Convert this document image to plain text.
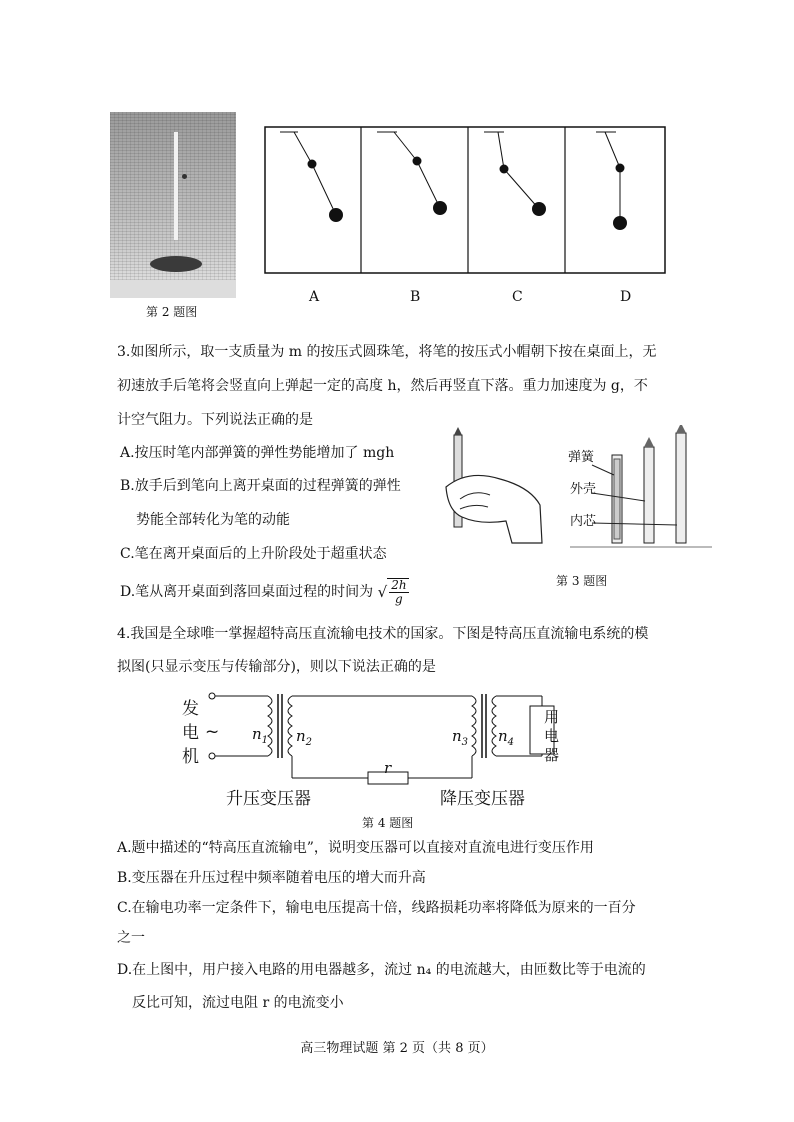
第 2 题图
A	B	C	D
3.如图所示，取一支质量为 m 的按压式圆珠笔，将笔的按压式小帽朝下按在桌面上，无
初速放手后笔将会竖直向上弹起一定的高度 h，然后再竖直下落。重力加速度为 g，不
计空气阻力。下列说法正确的是
A.按压时笔内部弹簧的弹性势能增加了 mgh
B.放手后到笔向上离开桌面的过程弹簧的弹性
势能全部转化为笔的动能
C.笔在离开桌面后的上升阶段处于超重状态
D.笔从离开桌面到落回桌面过程的时间为 √ $\frac{2h}{g}$
弹簧
外壳
内芯
第 3 题图
4.我国是全球唯一掌握超特高压直流输电技术的国家。下图是特高压直流输电系统的模
拟图(只显示变压与传输部分)，则以下说法正确的是
发
电
机
~ $n_1$ $n_2$	$n_3$ $n_4$
r
用
电
器
升压变压器	降压变压器
第 4 题图
A.题中描述的“特高压直流输电”，说明变压器可以直接对直流电进行变压作用
B.变压器在升压过程中频率随着电压的增大而升高
C.在输电功率一定条件下，输电电压提高十倍，线路损耗功率将降低为原来的一百分
之一
D.在上图中，用户接入电路的用电器越多，流过 n₄ 的电流越大，由匝数比等于电流的
反比可知，流过电阻 r 的电流变小
高三物理试题 第 2 页（共 8 页）
